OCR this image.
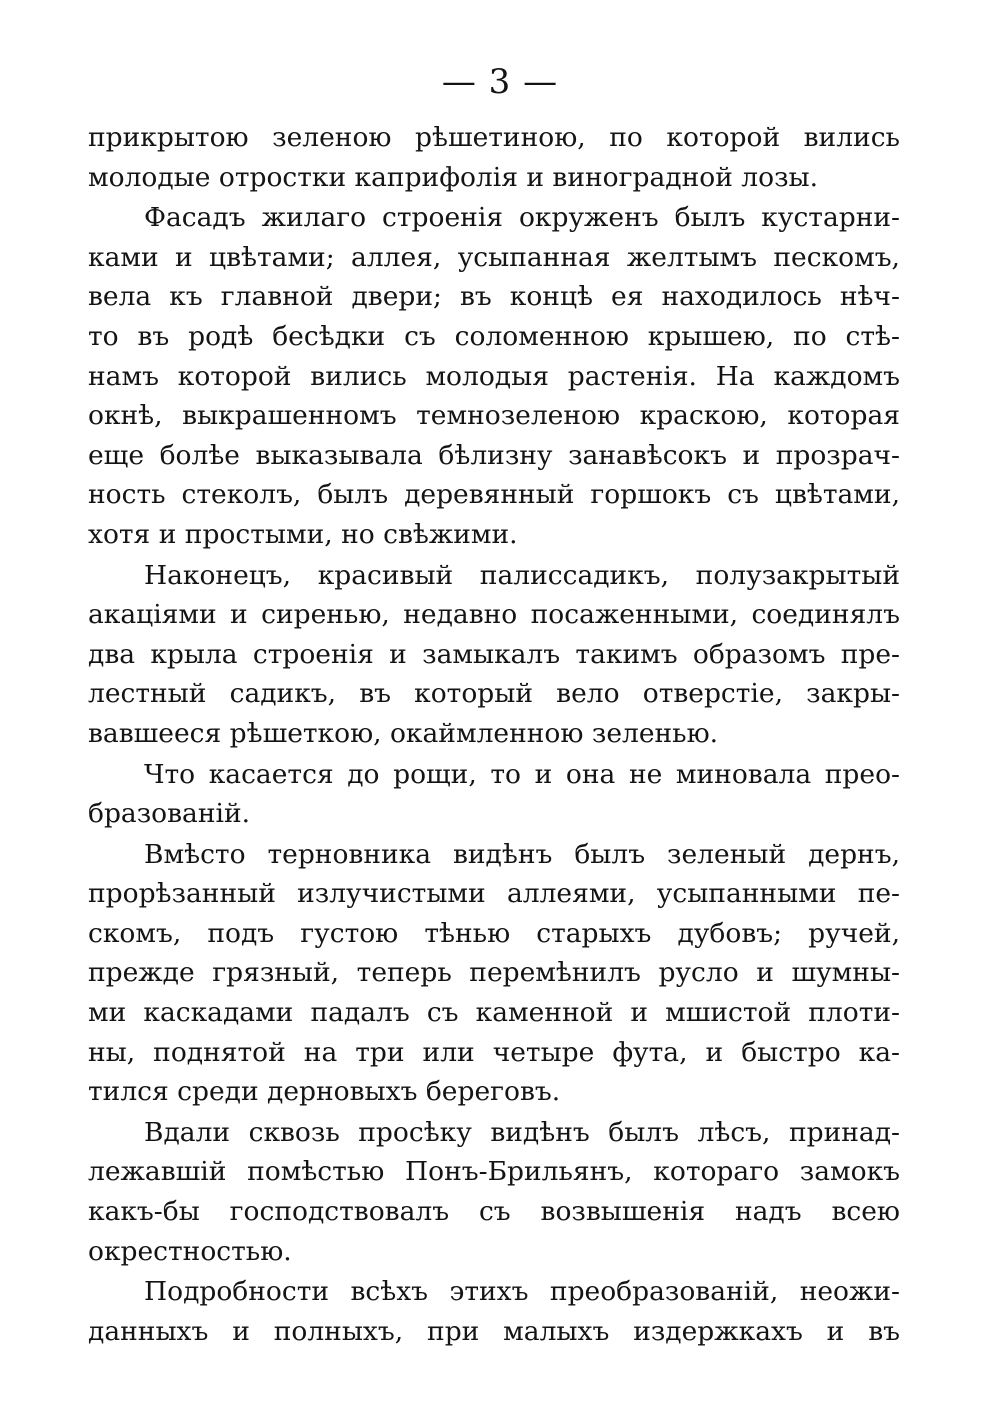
— 3 —

прикрытою зеленою рѣшетиною, по которой вились
молодые отростки каприфолія и виноградной лозы.

Фасадъ жилаго строенія окруженъ былъ кустарни-
ками и цвѣтами; аллея, усыпанная желтымъ пескомъ,
вела къ главной двери; въ концѣ ея находилось нѣч-
то въ родѣ бесѣдки съ соломенною крышею, по стѣ-
намъ которой вились молодыя растенія. На каждомъ
окнѣ, выкрашенномъ темнозеленою краскою, которая
еще болѣе выказывала бѣлизну занавѣсокъ и прозрач-
ность стеколъ, былъ деревянный горшокъ съ цвѣтами,
хотя и простыми, но свѣжими.

Наконецъ, красивый палиссадикъ, полузакрытый
акаціями и сиренью, недавно посаженными, соединялъ
два крыла строенія и замыкалъ такимъ образомъ пре-
лестный садикъ, въ который вело отверстіе, закры-
вавшееся рѣшеткою, окаймленною зеленью.

Что касается до рощи, то и она не миновала прео-
бразованій.

Вмѣсто терновника видѣнъ былъ зеленый дернъ,
прорѣзанный излучистыми аллеями, усыпанными пе-
скомъ, подъ густою тѣнью старыхъ дубовъ; ручей,
прежде грязный, теперь перемѣнилъ русло и шумны-
ми каскадами падалъ съ каменной и мшистой плоти-
ны, поднятой на три или четыре фута, и быстро ка-
тился среди дерновыхъ береговъ.

Вдали сквозь просѣку видѣнъ былъ лѣсъ, принад-
лежавшій помѣстью Понъ-Брильянъ, котораго замокъ
какъ-бы господствовалъ съ возвышенія надъ всею
окрестностью.

Подробности всѣхъ этихъ преобразованій, неожи-
данныхъ и полныхъ, при малыхъ издержкахъ и въ
